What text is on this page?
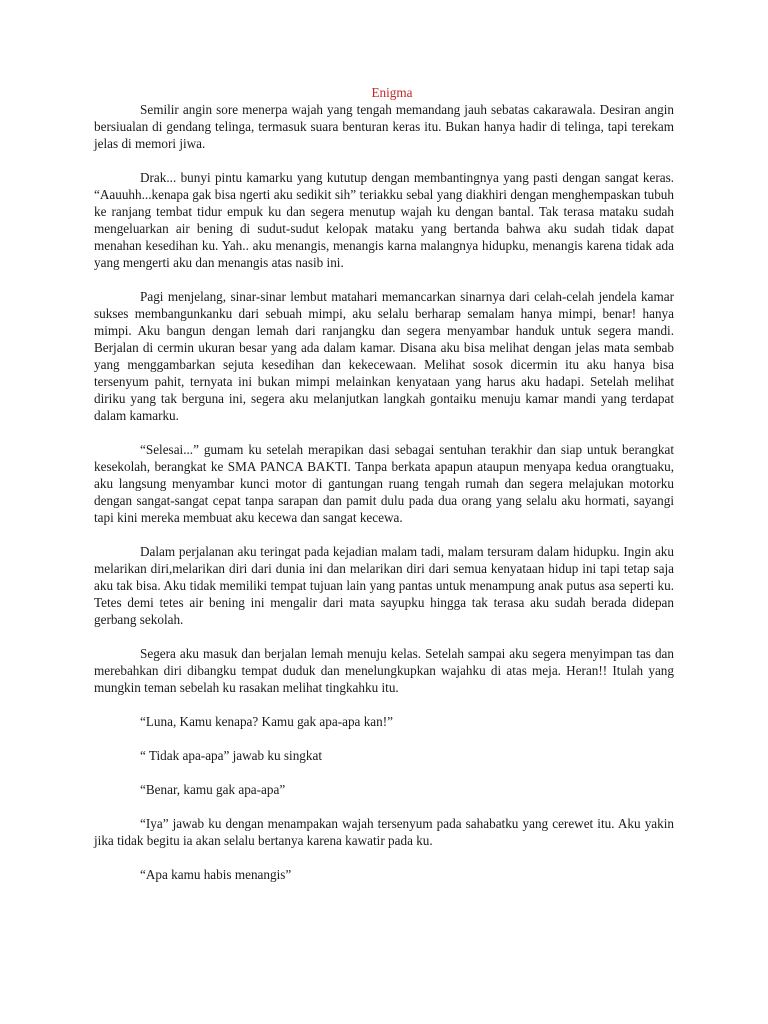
Enigma

Semilir angin sore menerpa wajah yang tengah memandang jauh sebatas cakarawala. Desiran angin bersiualan di gendang telinga, termasuk suara benturan keras itu. Bukan hanya hadir di telinga, tapi terekam jelas di memori jiwa.

Drak... bunyi pintu kamarku yang kututup dengan membantingnya yang pasti dengan sangat keras. “Aauuhh...kenapa gak bisa ngerti aku sedikit sih” teriakku sebal yang diakhiri dengan menghempaskan tubuh ke ranjang tembat tidur empuk ku dan segera menutup wajah ku dengan bantal. Tak terasa mataku sudah mengeluarkan air bening di sudut-sudut kelopak mataku yang bertanda bahwa aku sudah tidak dapat menahan kesedihan ku. Yah.. aku menangis, menangis karna malangnya hidupku, menangis karena tidak ada yang mengerti aku dan menangis atas nasib ini.

Pagi menjelang, sinar-sinar lembut matahari memancarkan sinarnya dari celah-celah jendela kamar sukses membangunkanku dari sebuah mimpi, aku selalu berharap semalam hanya mimpi, benar! hanya mimpi. Aku bangun dengan lemah dari ranjangku dan segera menyambar handuk untuk segera mandi. Berjalan di cermin ukuran besar yang ada dalam kamar. Disana aku bisa melihat dengan jelas mata sembab yang menggambarkan sejuta kesedihan dan kekecewaan. Melihat sosok dicermin itu aku hanya bisa tersenyum pahit, ternyata ini bukan mimpi melainkan kenyataan yang harus aku hadapi. Setelah melihat diriku yang tak berguna ini, segera aku melanjutkan langkah gontaiku menuju kamar mandi yang terdapat dalam kamarku.

“Selesai...” gumam ku setelah merapikan dasi sebagai sentuhan terakhir dan siap untuk berangkat kesekolah, berangkat ke SMA PANCA BAKTI. Tanpa berkata apapun ataupun menyapa kedua orangtuaku, aku langsung menyambar kunci motor di gantungan ruang tengah rumah dan segera melajukan motorku dengan sangat-sangat cepat tanpa sarapan dan pamit dulu pada dua orang yang selalu aku hormati, sayangi tapi kini mereka membuat aku kecewa dan sangat kecewa.

Dalam perjalanan aku teringat pada kejadian malam tadi, malam tersuram dalam hidupku. Ingin aku melarikan diri,melarikan diri dari dunia ini dan melarikan diri dari semua kenyataan hidup ini tapi tetap saja aku tak bisa. Aku tidak memiliki tempat tujuan lain yang pantas untuk menampung anak putus asa seperti ku. Tetes demi tetes air bening ini mengalir dari mata sayupku hingga tak terasa aku sudah berada didepan gerbang sekolah.

Segera aku masuk dan berjalan lemah menuju kelas. Setelah sampai aku segera menyimpan tas dan merebahkan diri dibangku tempat duduk dan menelungkupkan wajahku di atas meja. Heran!! Itulah yang mungkin teman sebelah ku rasakan melihat tingkahku itu.

“Luna, Kamu kenapa? Kamu gak apa-apa kan!”

“ Tidak apa-apa” jawab ku singkat

“Benar, kamu gak apa-apa”

“Iya” jawab ku dengan menampakan wajah tersenyum pada sahabatku yang cerewet itu. Aku yakin jika tidak begitu ia akan selalu bertanya karena kawatir pada ku.

“Apa kamu habis menangis”
